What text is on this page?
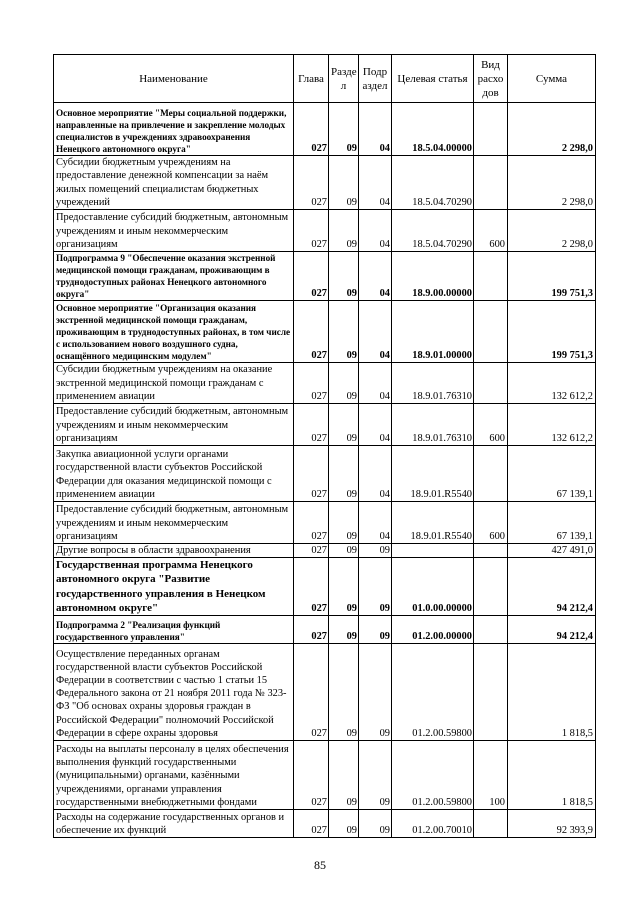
Наименование	Глава	Разде л	Подр аздел	Целевая статья	Вид расхо дов	Сумма
Основное мероприятие "Меры социальной поддержки, направленные на привлечение и закрепление молодых специалистов в учреждениях здравоохранения Ненецкого автономного округа"	027	09	04	18.5.04.00000		2 298,0
Субсидии бюджетным учреждениям на предоставление денежной компенсации за наём жилых помещений специалистам бюджетных учреждений	027	09	04	18.5.04.70290		2 298,0
Предоставление субсидий бюджетным, автономным учреждениям и иным некоммерческим организациям	027	09	04	18.5.04.70290	600	2 298,0
Подпрограмма 9 "Обеспечение оказания экстренной медицинской помощи гражданам, проживающим в труднодоступных районах Ненецкого автономного округа"	027	09	04	18.9.00.00000		199 751,3
Основное мероприятие "Организация оказания экстренной медицинской помощи гражданам, проживающим в труднодоступных районах, в том числе с использованием нового воздушного судна, оснащённого медицинским модулем"	027	09	04	18.9.01.00000		199 751,3
Субсидии бюджетным учреждениям на оказание экстренной медицинской помощи гражданам с применением авиации	027	09	04	18.9.01.76310		132 612,2
Предоставление субсидий бюджетным, автономным учреждениям и иным некоммерческим организациям	027	09	04	18.9.01.76310	600	132 612,2
Закупка авиационной услуги органами государственной власти субъектов Российской Федерации для оказания медицинской помощи с применением авиации	027	09	04	18.9.01.R5540		67 139,1
Предоставление субсидий бюджетным, автономным учреждениям и иным некоммерческим организациям	027	09	04	18.9.01.R5540	600	67 139,1
Другие вопросы в области здравоохранения	027	09	09			427 491,0
Государственная программа Ненецкого автономного округа "Развитие государственного управления в Ненецком автономном округе"	027	09	09	01.0.00.00000		94 212,4
Подпрограмма 2 "Реализация функций государственного управления"	027	09	09	01.2.00.00000		94 212,4
Осуществление переданных органам государственной власти субъектов Российской Федерации в соответствии с частью 1 статьи 15 Федерального закона от 21 ноября 2011 года № 323-ФЗ "Об основах охраны здоровья граждан в Российской Федерации" полномочий Российской Федерации в сфере охраны здоровья	027	09	09	01.2.00.59800		1 818,5
Расходы на выплаты персоналу в целях обеспечения выполнения функций государственными (муниципальными) органами, казёнными учреждениями, органами управления государственными внебюджетными фондами	027	09	09	01.2.00.59800	100	1 818,5
Расходы на содержание государственных органов и обеспечение их функций	027	09	09	01.2.00.70010		92 393,9
85
